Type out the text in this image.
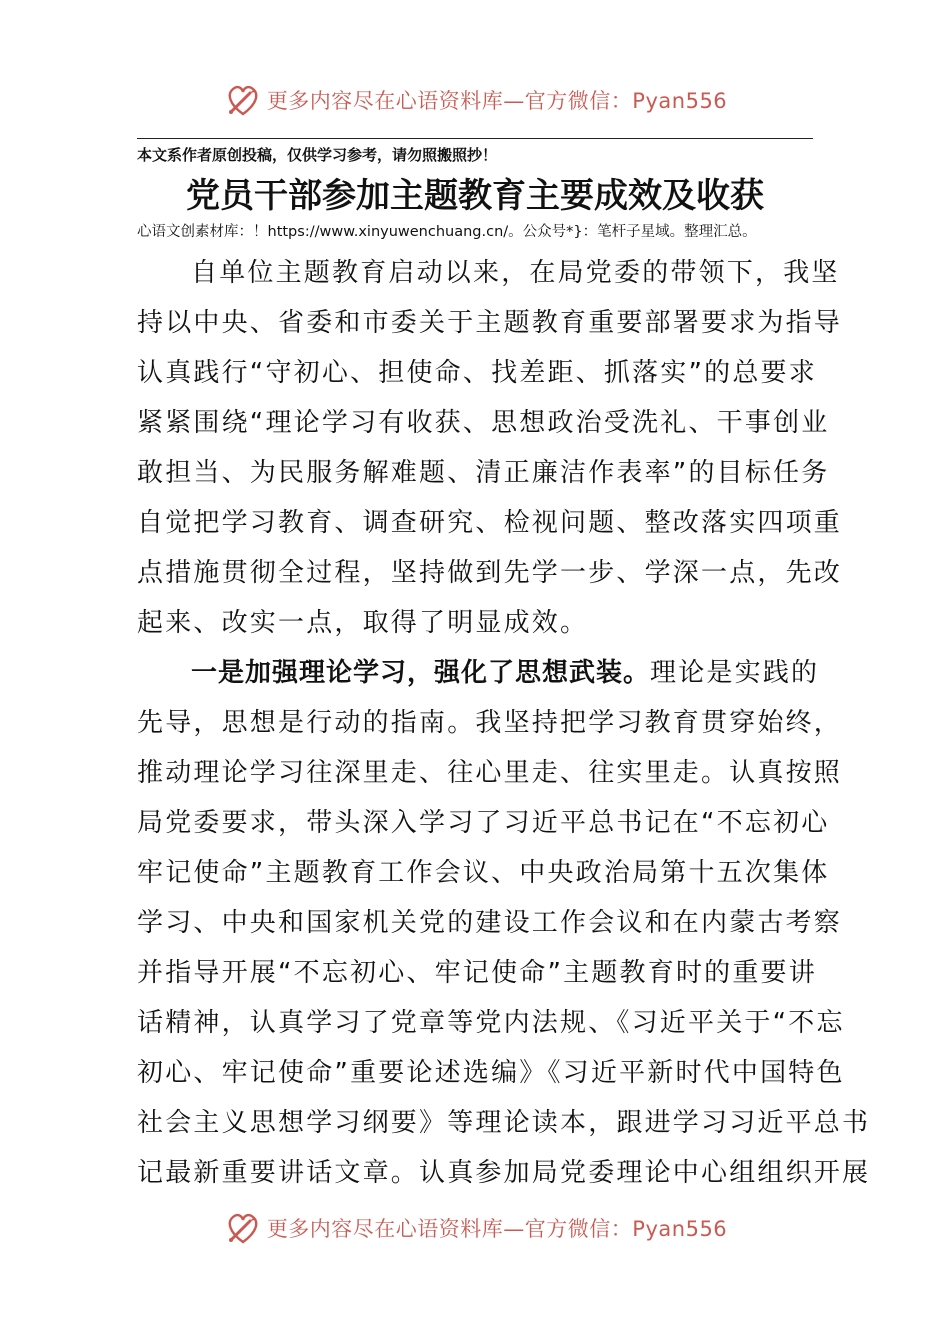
更多内容尽在心语资料库—官方微信：Pyan556
本文系作者原创投稿，仅供学习参考，请勿照搬照抄！
党员干部参加主题教育主要成效及收获
心语文创素材库：！https://www.xinyuwenchuang.cn/。公众号*}：笔杆子星域。整理汇总。
自单位主题教育启动以来，在局党委的带领下，我坚
持以中央、省委和市委关于主题教育重要部署要求为指导
认真践行“守初心、担使命、找差距、抓落实”的总要求
紧紧围绕“理论学习有收获、思想政治受洗礼、干事创业
敢担当、为民服务解难题、清正廉洁作表率”的目标任务
自觉把学习教育、调查研究、检视问题、整改落实四项重
点措施贯彻全过程，坚持做到先学一步、学深一点，先改
起来、改实一点，取得了明显成效。
一是加强理论学习，强化了思想武装。理论是实践的
先导，思想是行动的指南。我坚持把学习教育贯穿始终，
推动理论学习往深里走、往心里走、往实里走。认真按照
局党委要求，带头深入学习了习近平总书记在“不忘初心
牢记使命”主题教育工作会议、中央政治局第十五次集体
学习、中央和国家机关党的建设工作会议和在内蒙古考察
并指导开展“不忘初心、牢记使命”主题教育时的重要讲
话精神，认真学习了党章等党内法规、《习近平关于“不忘
初心、牢记使命”重要论述选编》《习近平新时代中国特色
社会主义思想学习纲要》等理论读本，跟进学习习近平总书
记最新重要讲话文章。认真参加局党委理论中心组组织开展
更多内容尽在心语资料库—官方微信：Pyan556
